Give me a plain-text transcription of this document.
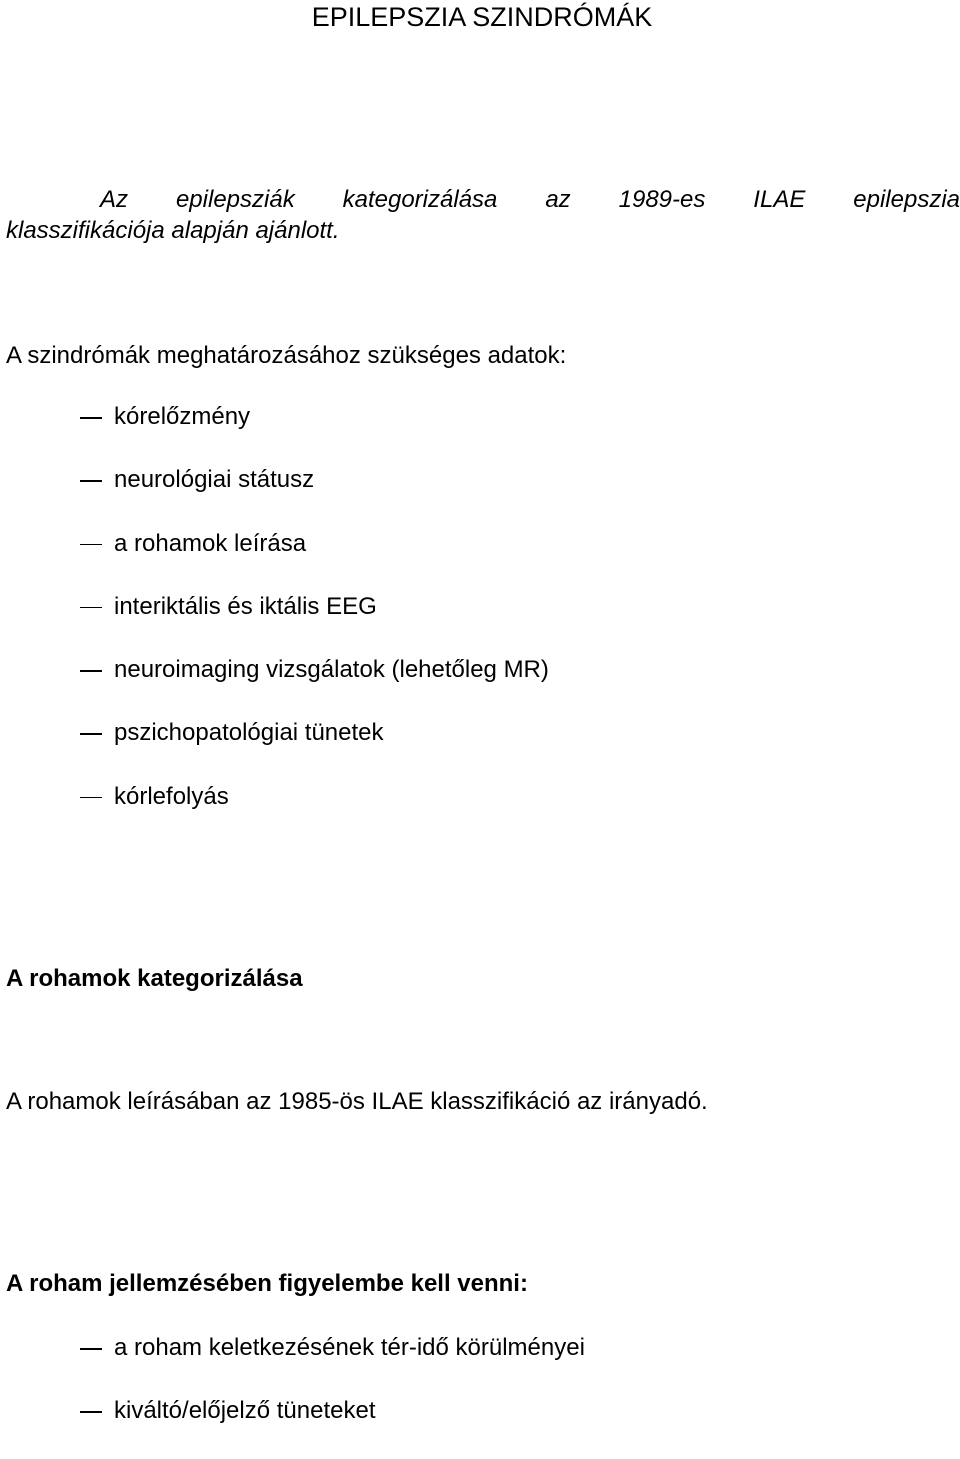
EPILEPSZIA SZINDRÓMÁK
Az epilepsziák kategorizálása az 1989-es ILAE epilepszia
klasszifikációja alapján ajánlott.
A szindrómák meghatározásához szükséges adatok:
kórelőzmény
neurológiai státusz
a rohamok leírása
interiktális és iktális EEG
neuroimaging vizsgálatok (lehetőleg MR)
pszichopatológiai tünetek
kórlefolyás
A rohamok kategorizálása

A rohamok leírásában az 1985-ös ILAE klasszifikáció az irányadó.

A roham jellemzésében figyelembe kell venni:
a roham keletkezésének tér-idő körülményei
kiváltó/előjelző tüneteket
